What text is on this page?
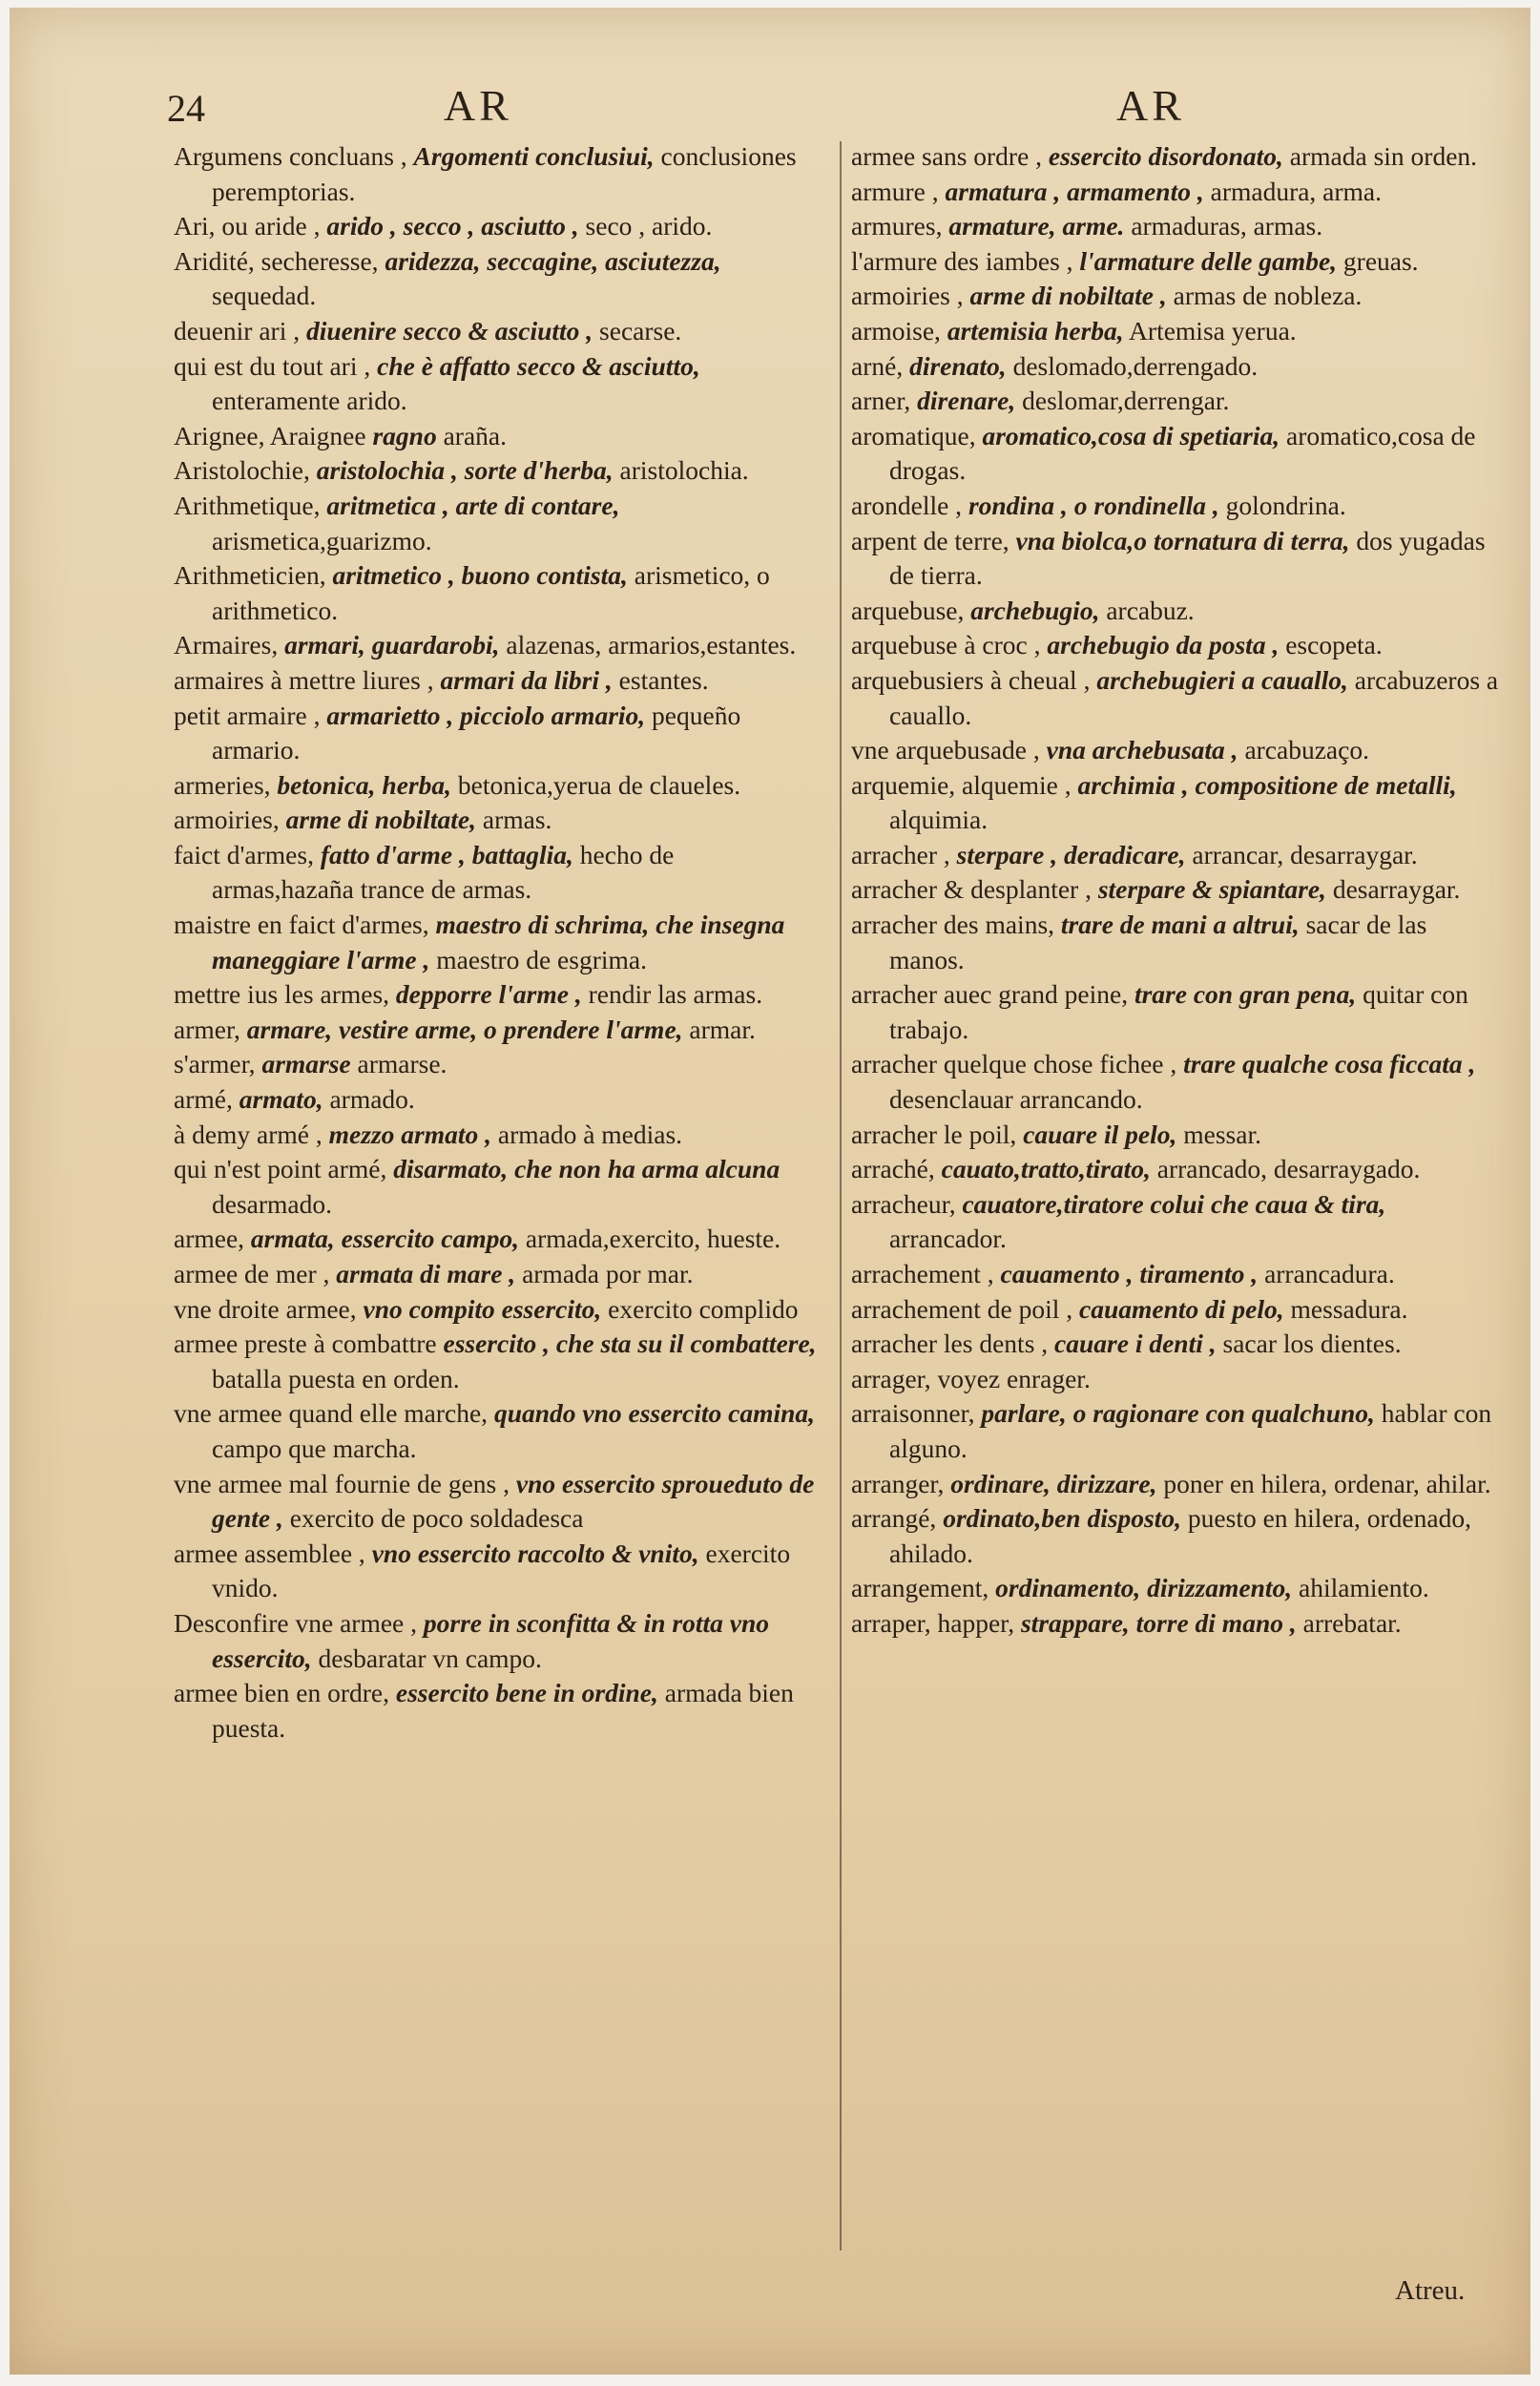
24	AR	AR

Argumens concluans , Argomenti conclusiui, conclusiones peremptorias.

Ari, ou aride , arido , secco , asciutto , seco , arido.

Aridité, secheresse, aridezza, seccagine, asciutezza, sequedad.

deuenir ari , diuenire secco & asciutto , secarse.

qui est du tout ari , che è affatto secco & asciutto, enteramente arido.

Arignee, Araignee ragno araña.

Aristolochie, aristolochia , sorte d'herba, aristolochia.

Arithmetique, aritmetica , arte di contare, arismetica,guarizmo.

Arithmeticien, aritmetico , buono contista, arismetico, o arithmetico.

Armaires, armari, guardarobi, alazenas, armarios,estantes.

armaires à mettre liures , armari da libri , estantes.

petit armaire , armarietto , picciolo armario, pequeño armario.

armeries, betonica, herba, betonica,yerua de claueles.

armoiries, arme di nobiltate, armas.

faict d'armes, fatto d'arme , battaglia, hecho de armas,hazaña trance de armas.

maistre en faict d'armes, maestro di schrima, che insegna maneggiare l'arme , maestro de esgrima.

mettre ius les armes, depporre l'arme , rendir las armas.

armer, armare, vestire arme, o prendere l'arme, armar.

s'armer, armarse armarse.

armé, armato, armado.

à demy armé , mezzo armato , armado à medias.

qui n'est point armé, disarmato, che non ha arma alcuna desarmado.

armee, armata, essercito campo, armada,exercito, hueste.

armee de mer , armata di mare , armada por mar.

vne droite armee, vno compito essercito, exercito complido

armee preste à combattre essercito , che sta su il combattere, batalla puesta en orden.

vne armee quand elle marche, quando vno essercito camina, campo que marcha.

vne armee mal fournie de gens , vno essercito sproueduto de gente , exercito de poco soldadesca

armee assemblee , vno essercito raccolto & vnito, exercito vnido.

Desconfire vne armee , porre in sconfitta & in rotta vno essercito, desbaratar vn campo.

armee bien en ordre, essercito bene in ordine, armada bien puesta.

armee sans ordre , essercito disordonato, armada sin orden.

armure , armatura , armamento , armadura, arma.

armures, armature, arme. armaduras, armas.

l'armure des iambes , l'armature delle gambe, greuas.

armoiries , arme di nobiltate , armas de nobleza.

armoise, artemisia herba, Artemisa yerua.

arné, direnato, deslomado,derrengado.

arner, direnare, deslomar,derrengar.

aromatique, aromatico,cosa di spetiaria, aromatico,cosa de drogas.

arondelle , rondina , o rondinella , golondrina.

arpent de terre, vna biolca,o tornatura di terra, dos yugadas de tierra.

arquebuse, archebugio, arcabuz.

arquebuse à croc , archebugio da posta , escopeta.

arquebusiers à cheual , archebugieri a cauallo, arcabuzeros a cauallo.

vne arquebusade , vna archebusata , arcabuzaço.

arquemie, alquemie , archimia , compositione de metalli, alquimia.

arracher , sterpare , deradicare, arrancar, desarraygar.

arracher & desplanter , sterpare & spiantare, desarraygar.

arracher des mains, trare de mani a altrui, sacar de las manos.

arracher auec grand peine, trare con gran pena, quitar con trabajo.

arracher quelque chose fichee , trare qualche cosa ficcata , desenclauar arrancando.

arracher le poil, cauare il pelo, messar.

arraché, cauato,tratto,tirato, arrancado, desarraygado.

arracheur, cauatore,tiratore colui che caua & tira, arrancador.

arrachement , cauamento , tiramento , arrancadura.

arrachement de poil , cauamento di pelo, messadura.

arracher les dents , cauare i denti , sacar los dientes.

arrager, voyez enrager.

arraisonner, parlare, o ragionare con qualchuno, hablar con alguno.

arranger, ordinare, dirizzare, poner en hilera, ordenar, ahilar.

arrangé, ordinato,ben disposto, puesto en hilera, ordenado, ahilado.

arrangement, ordinamento, dirizzamento, ahilamiento.

arraper, happer, strappare, torre di mano , arrebatar.

Atreu.
